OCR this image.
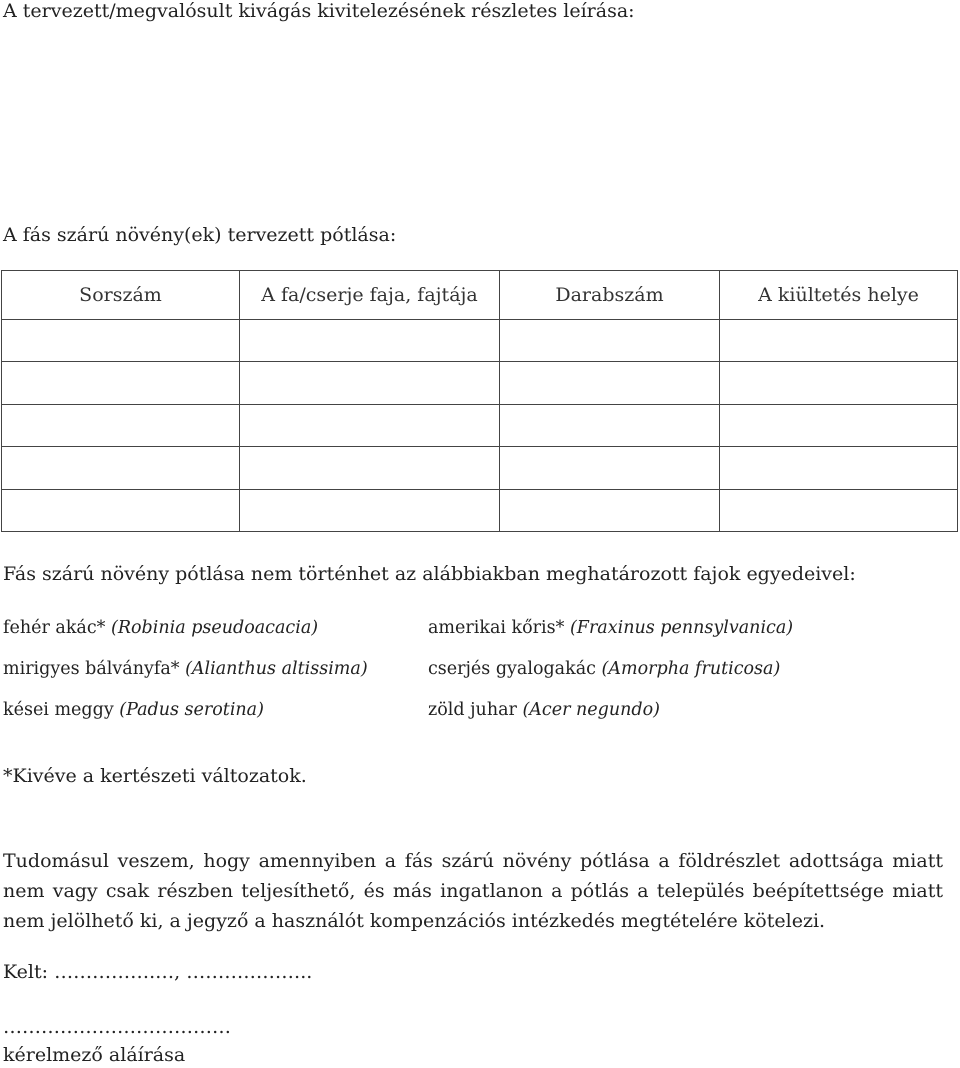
A tervezett/megvalósult kivágás kivitelezésének részletes leírása:
A fás szárú növény(ek) tervezett pótlása:
Sorszám	A fa/cserje faja, fajtája	Darabszám	A kiültetés helye

Fás szárú növény pótlása nem történhet az alábbiakban meghatározott fajok egyedeivel:
fehér akác* (Robinia pseudoacacia)
mirigyes bálványfa* (Alianthus altissima)
kései meggy (Padus serotina)
amerikai kőris* (Fraxinus pennsylvanica)
cserjés gyalogakác (Amorpha fruticosa)
zöld juhar (Acer negundo)
*Kivéve a kertészeti változatok.
Tudomásul veszem, hogy amennyiben a fás szárú növény pótlása a földrészlet adottsága miatt nem vagy csak részben teljesíthető, és más ingatlanon a pótlás a település beépítettsége miatt nem jelölhető ki, a jegyző a használót kompenzációs intézkedés megtételére kötelezi.
Kelt: …………….…, ………………..
………………………………
kérelmező aláírása
